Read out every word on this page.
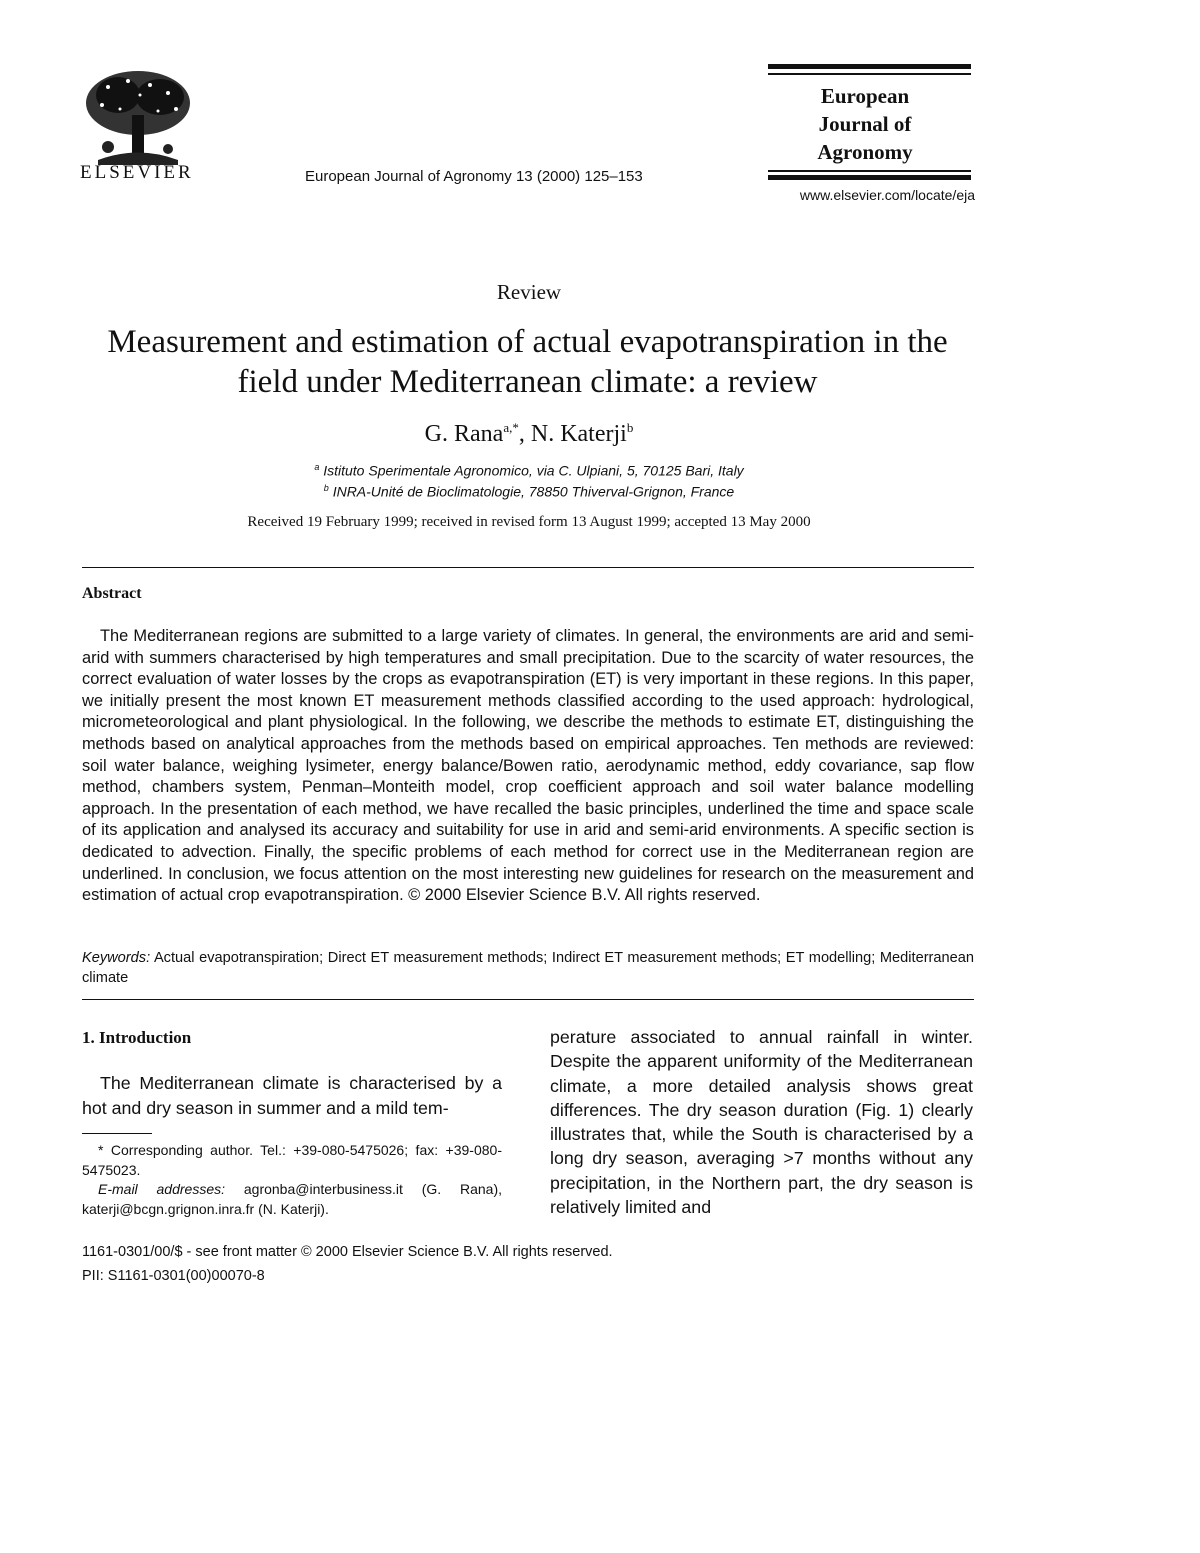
ELSEVIER	European Journal of Agronomy 13 (2000) 125–153
European
Journal of
Agronomy
www.elsevier.com/locate/eja
Review
Measurement and estimation of actual evapotranspiration in the field under Mediterranean climate: a review
G. Rana$^{a,*}$, N. Katerji$^b$
$^a$ Istituto Sperimentale Agronomico, via C. Ulpiani, 5, 70125 Bari, Italy
$^b$ INRA-Unité de Bioclimatologie, 78850 Thiverval-Grignon, France
Received 19 February 1999; received in revised form 13 August 1999; accepted 13 May 2000
Abstract
The Mediterranean regions are submitted to a large variety of climates. In general, the environments are arid and semi-arid with summers characterised by high temperatures and small precipitation. Due to the scarcity of water resources, the correct evaluation of water losses by the crops as evapotranspiration (ET) is very important in these regions. In this paper, we initially present the most known ET measurement methods classified according to the used approach: hydrological, micrometeorological and plant physiological. In the following, we describe the methods to estimate ET, distinguishing the methods based on analytical approaches from the methods based on empirical approaches. Ten methods are reviewed: soil water balance, weighing lysimeter, energy balance/Bowen ratio, aerodynamic method, eddy covariance, sap flow method, chambers system, Penman–Monteith model, crop coefficient approach and soil water balance modelling approach. In the presentation of each method, we have recalled the basic principles, underlined the time and space scale of its application and analysed its accuracy and suitability for use in arid and semi-arid environments. A specific section is dedicated to advection. Finally, the specific problems of each method for correct use in the Mediterranean region are underlined. In conclusion, we focus attention on the most interesting new guidelines for research on the measurement and estimation of actual crop evapotranspiration. © 2000 Elsevier Science B.V. All rights reserved.
Keywords: Actual evapotranspiration; Direct ET measurement methods; Indirect ET measurement methods; ET modelling; Mediterranean climate
1. Introduction
The Mediterranean climate is characterised by a hot and dry season in summer and a mild tem-
perature associated to annual rainfall in winter. Despite the apparent uniformity of the Mediterranean climate, a more detailed analysis shows great differences. The dry season duration (Fig. 1) clearly illustrates that, while the South is characterised by a long dry season, averaging >7 months without any precipitation, in the Northern part, the dry season is relatively limited and
* Corresponding author. Tel.: +39-080-5475026; fax: +39-080-5475023.
E-mail addresses: agronba@interbusiness.it (G. Rana), katerji@bcgn.grignon.inra.fr (N. Katerji).
1161-0301/00/$ - see front matter © 2000 Elsevier Science B.V. All rights reserved.
PII: S1161-0301(00)00070-8
